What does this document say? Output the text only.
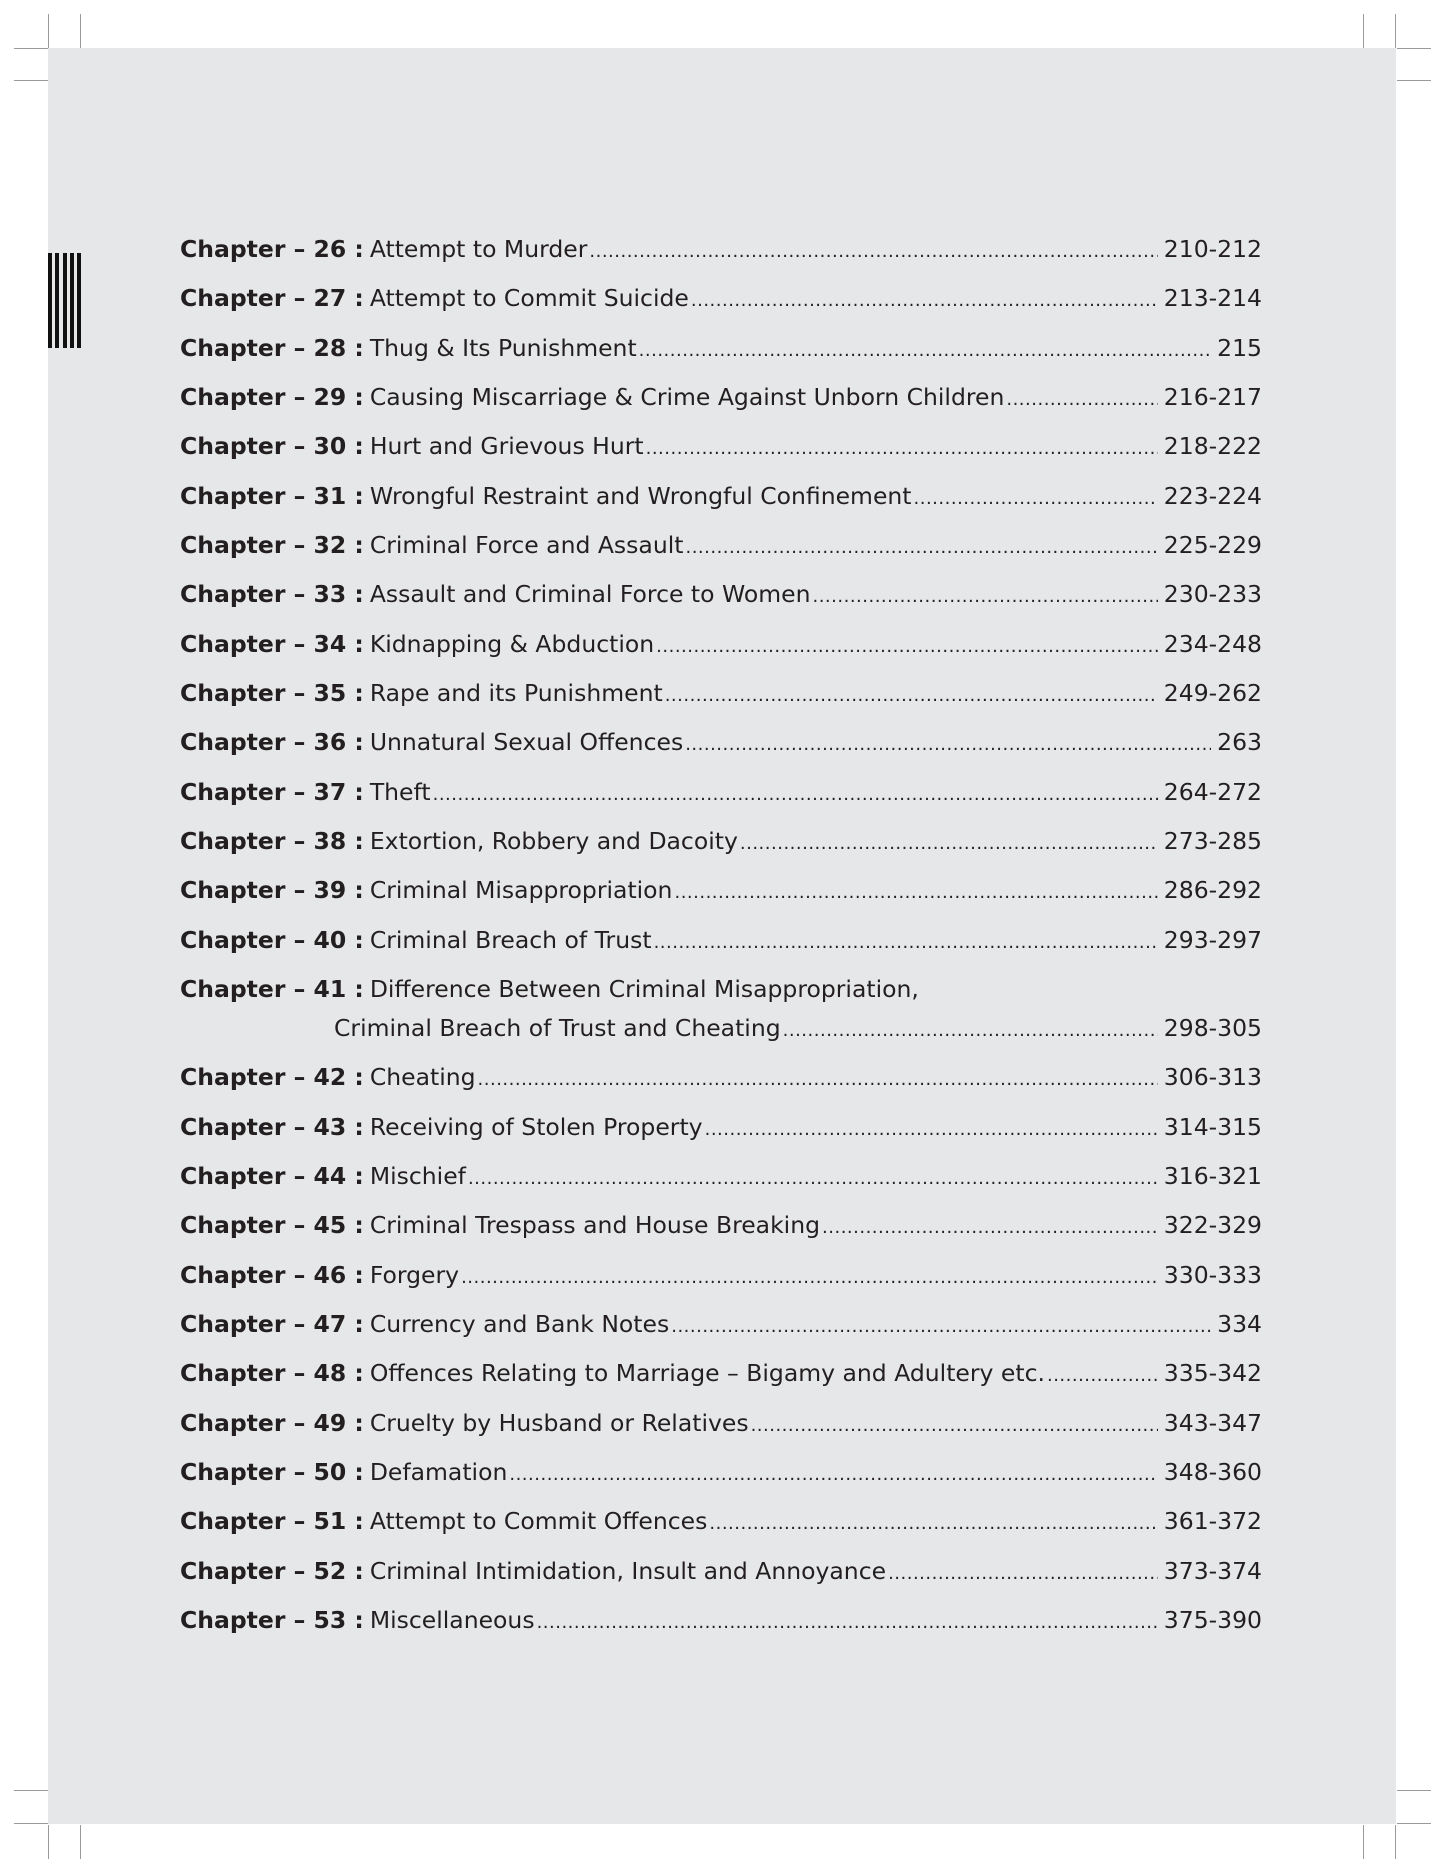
Chapter – 26 : Attempt to Murder .....	210-212
Chapter – 27 : Attempt to Commit Suicide .....	213-214
Chapter – 28 : Thug & Its Punishment .....	215
Chapter – 29 : Causing Miscarriage & Crime Against Unborn Children .....	216-217
Chapter – 30 : Hurt and Grievous Hurt .....	218-222
Chapter – 31 : Wrongful Restraint and Wrongful Confinement .....	223-224
Chapter – 32 : Criminal Force and Assault .....	225-229
Chapter – 33 : Assault and Criminal Force to Women .....	230-233
Chapter – 34 : Kidnapping & Abduction .....	234-248
Chapter – 35 : Rape and its Punishment .....	249-262
Chapter – 36 : Unnatural Sexual Offences .....	263
Chapter – 37 : Theft .....	264-272
Chapter – 38 : Extortion, Robbery and Dacoity .....	273-285
Chapter – 39 : Criminal Misappropriation .....	286-292
Chapter – 40 : Criminal Breach of Trust .....	293-297
Chapter – 41 : Difference Between Criminal Misappropriation,
Criminal Breach of Trust and Cheating .....	298-305
Chapter – 42 : Cheating .....	306-313
Chapter – 43 : Receiving of Stolen Property .....	314-315
Chapter – 44 : Mischief .....	316-321
Chapter – 45 : Criminal Trespass and House Breaking .....	322-329
Chapter – 46 : Forgery .....	330-333
Chapter – 47 : Currency and Bank Notes .....	334
Chapter – 48 : Offences Relating to Marriage – Bigamy and Adultery etc. .....	335-342
Chapter – 49 : Cruelty by Husband or Relatives .....	343-347
Chapter – 50 : Defamation .....	348-360
Chapter – 51 : Attempt to Commit Offences .....	361-372
Chapter – 52 : Criminal Intimidation, Insult and Annoyance .....	373-374
Chapter – 53 : Miscellaneous .....	375-390
